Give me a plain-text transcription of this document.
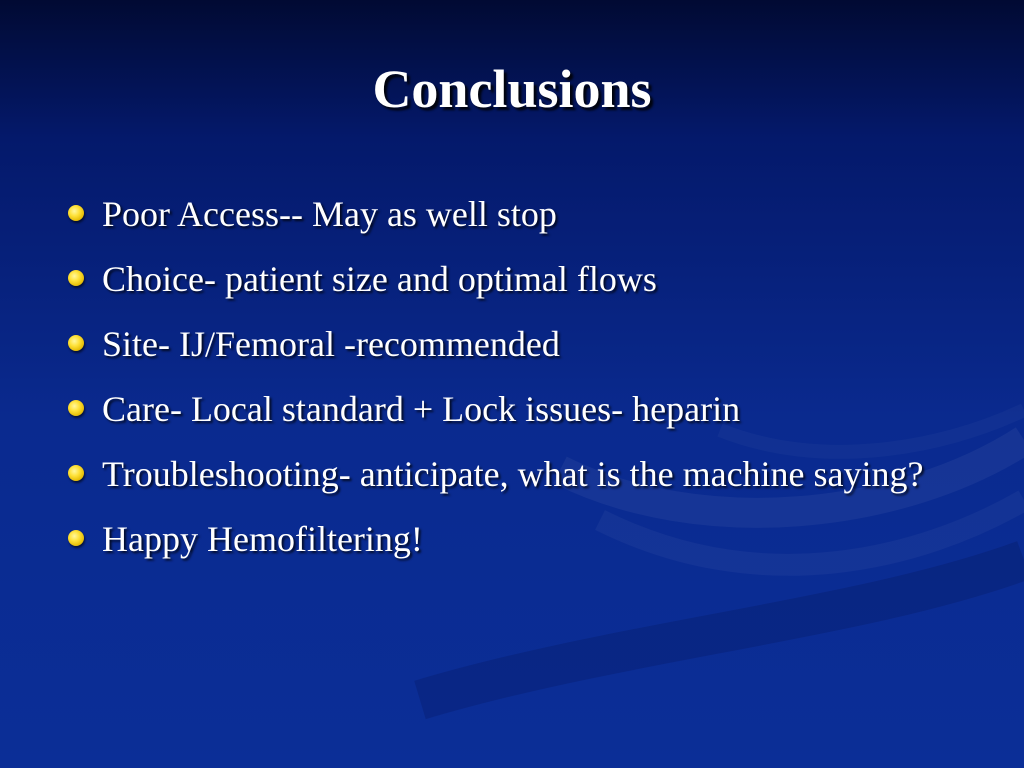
Conclusions
Poor Access-- May as well stop
Choice- patient size and optimal flows
Site- IJ/Femoral -recommended
Care- Local standard + Lock issues- heparin
Troubleshooting- anticipate, what is the machine saying?
Happy Hemofiltering!
